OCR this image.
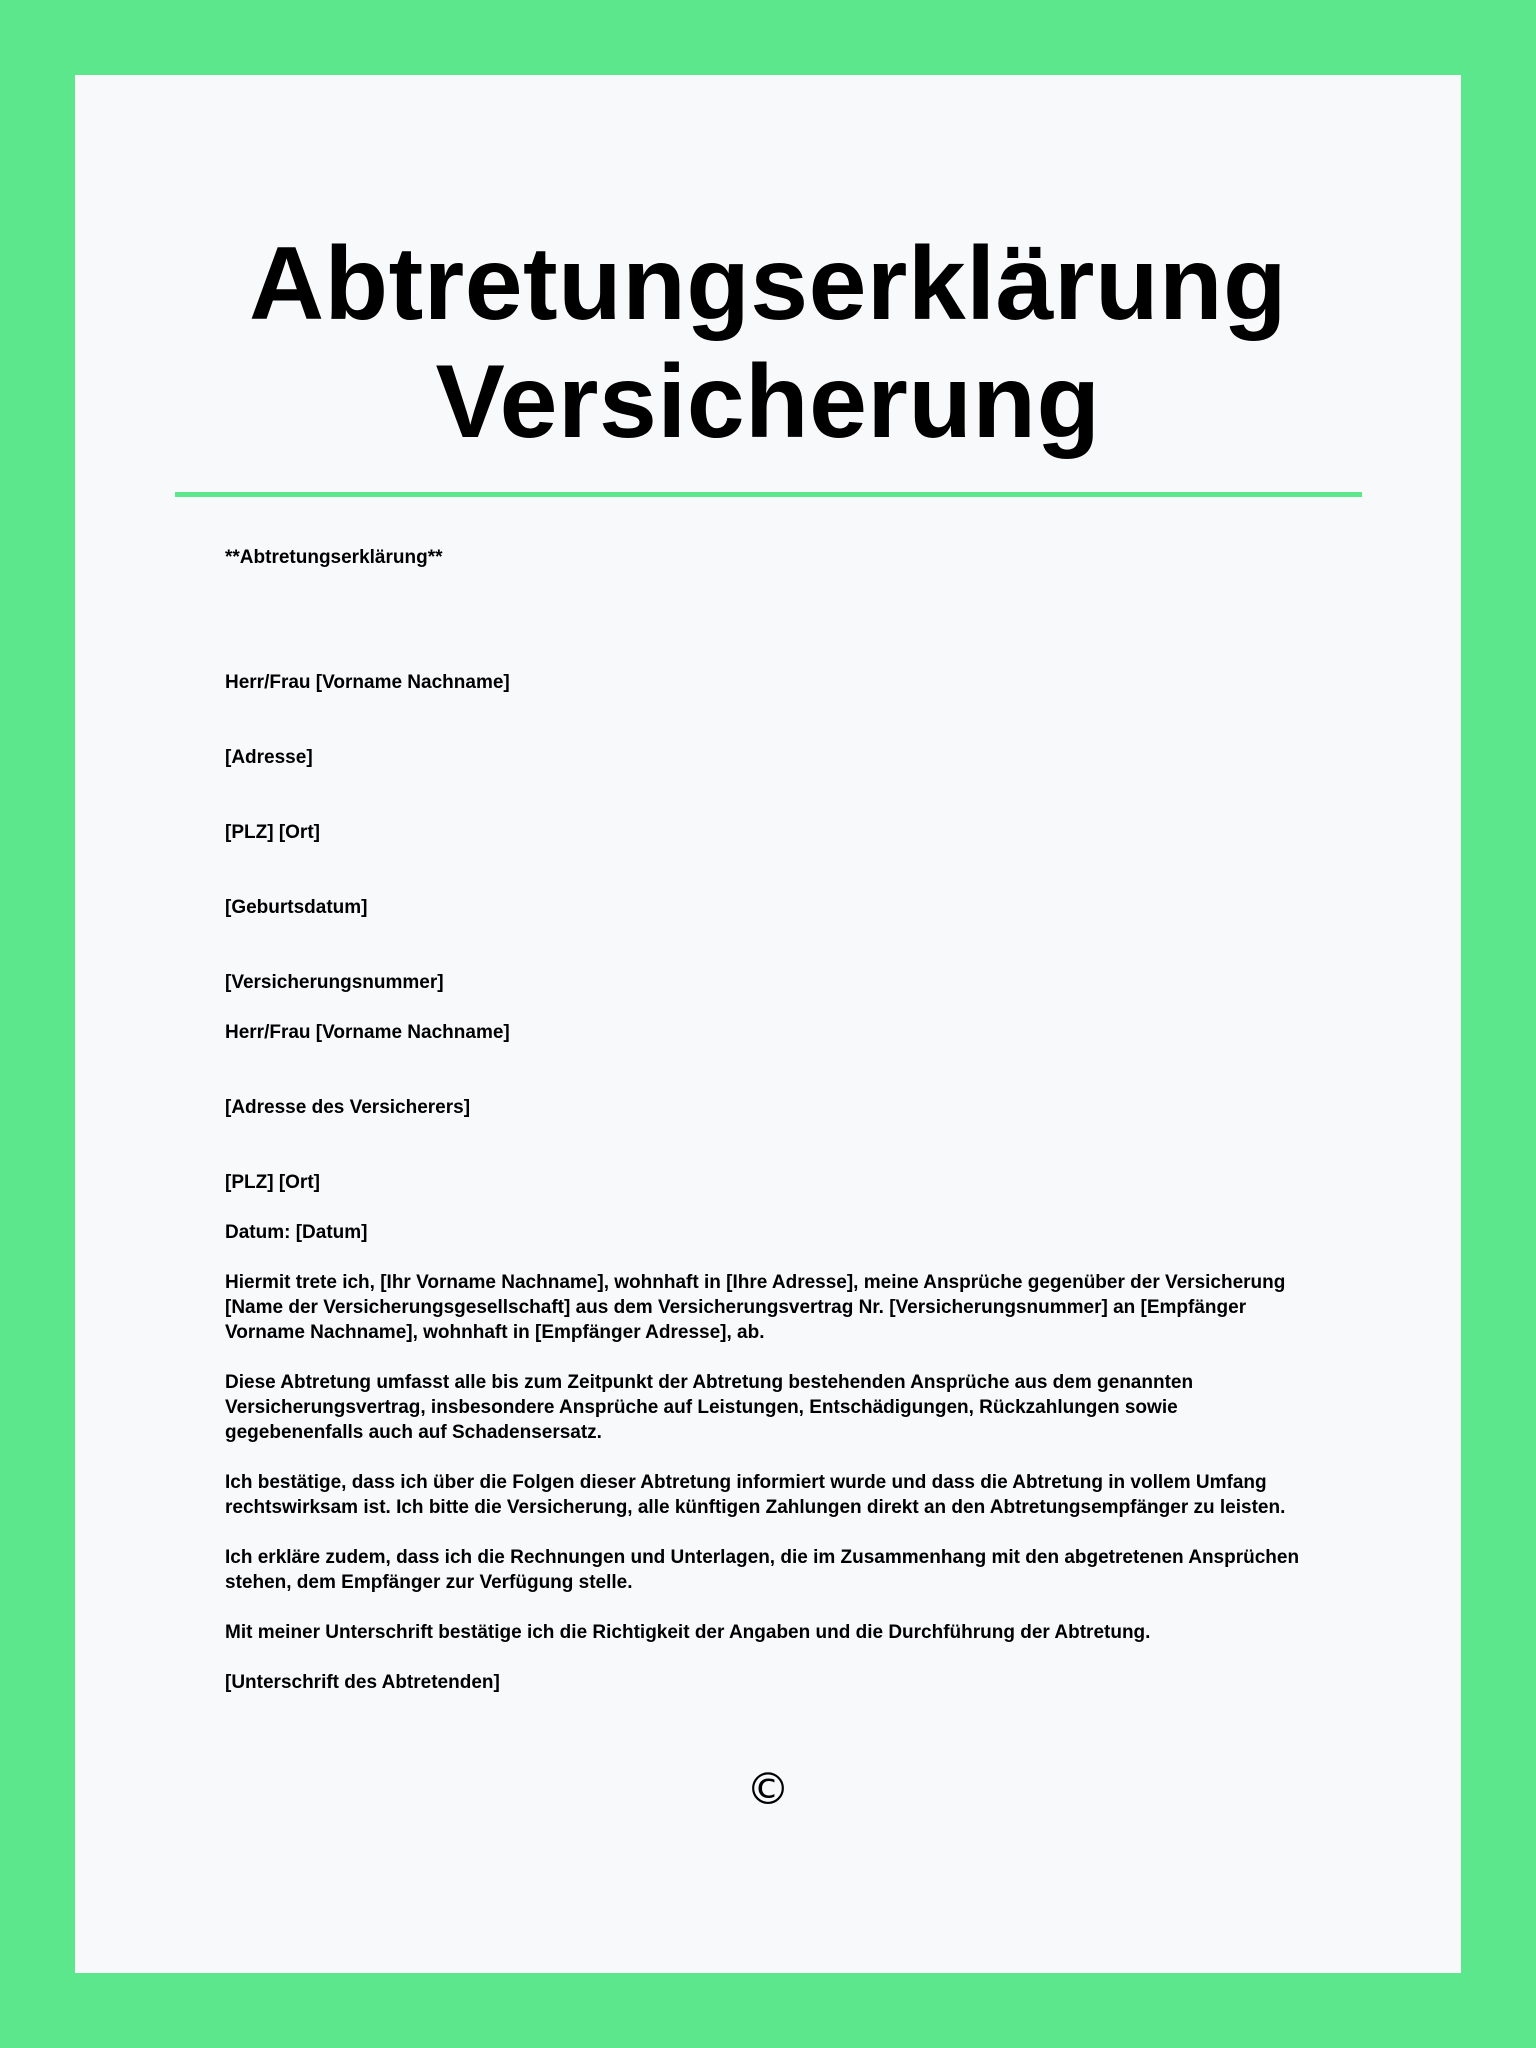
Abtretungserklärung
Versicherung
**Abtretungserklärung**
Herr/Frau [Vorname Nachname]
[Adresse]
[PLZ] [Ort]
[Geburtsdatum]
[Versicherungsnummer]
Herr/Frau [Vorname Nachname]
[Adresse des Versicherers]
[PLZ] [Ort]
Datum: [Datum]
Hiermit trete ich, [Ihr Vorname Nachname], wohnhaft in [Ihre Adresse], meine Ansprüche gegenüber der Versicherung [Name der Versicherungsgesellschaft] aus dem Versicherungsvertrag Nr. [Versicherungsnummer] an [Empfänger Vorname Nachname], wohnhaft in [Empfänger Adresse], ab.
Diese Abtretung umfasst alle bis zum Zeitpunkt der Abtretung bestehenden Ansprüche aus dem genannten Versicherungsvertrag, insbesondere Ansprüche auf Leistungen, Entschädigungen, Rückzahlungen sowie gegebenenfalls auch auf Schadensersatz.
Ich bestätige, dass ich über die Folgen dieser Abtretung informiert wurde und dass die Abtretung in vollem Umfang rechtswirksam ist. Ich bitte die Versicherung, alle künftigen Zahlungen direkt an den Abtretungsempfänger zu leisten.
Ich erkläre zudem, dass ich die Rechnungen und Unterlagen, die im Zusammenhang mit den abgetretenen Ansprüchen stehen, dem Empfänger zur Verfügung stelle.
Mit meiner Unterschrift bestätige ich die Richtigkeit der Angaben und die Durchführung der Abtretung.
[Unterschrift des Abtretenden]
©
